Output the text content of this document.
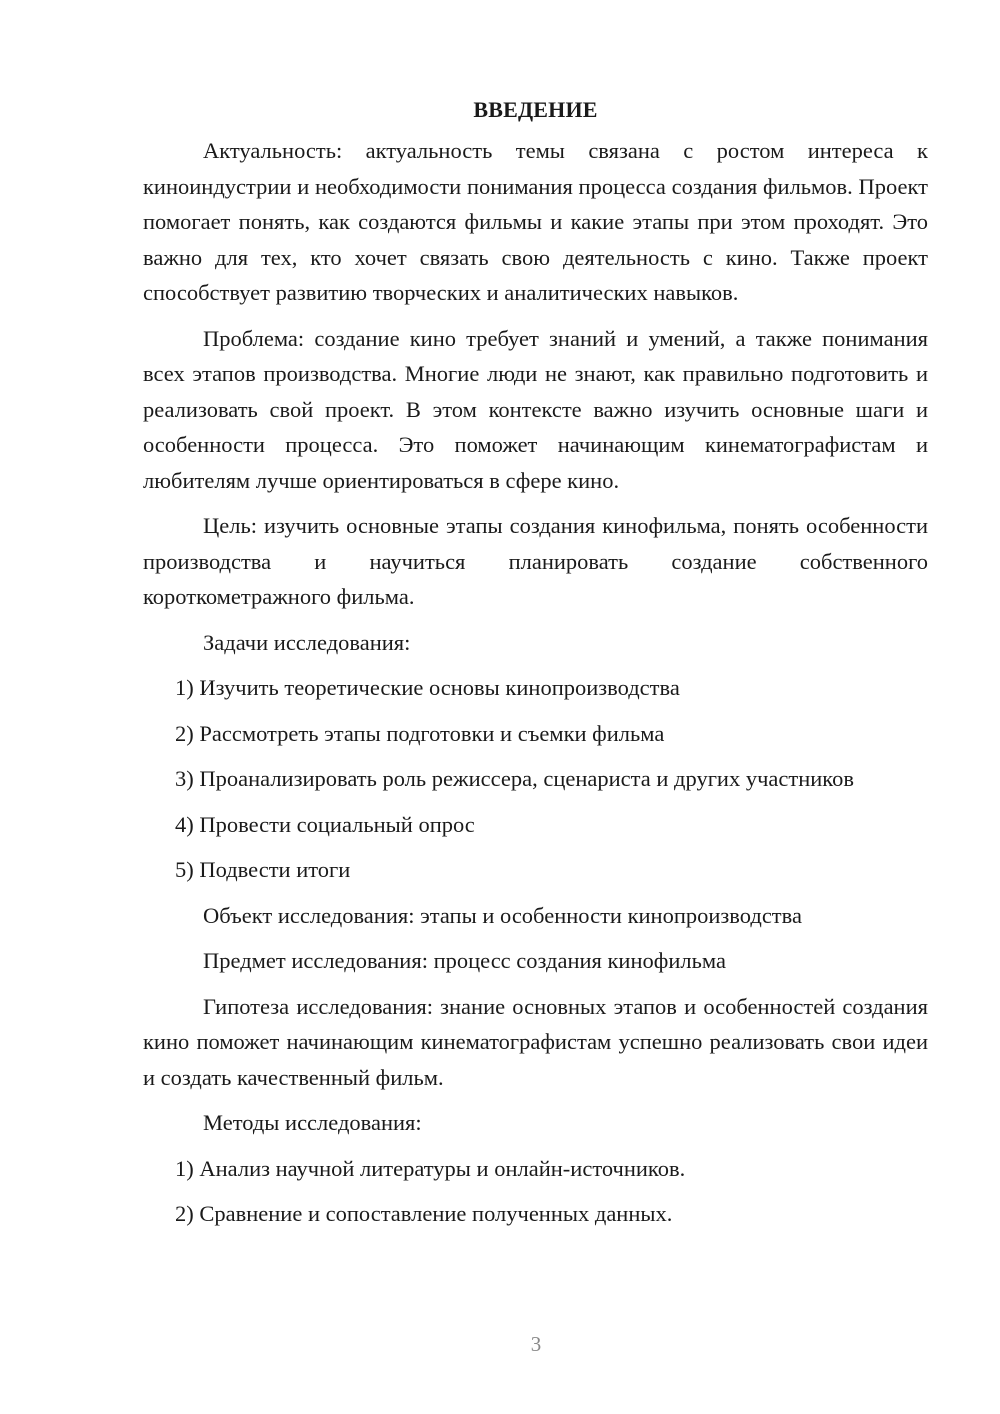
ВВЕДЕНИЕ

Актуальность: актуальность темы связана с ростом интереса к киноиндустрии и необходимости понимания процесса создания фильмов. Проект помогает понять, как создаются фильмы и какие этапы при этом проходят. Это важно для тех, кто хочет связать свою деятельность с кино. Также проект способствует развитию творческих и аналитических навыков.

Проблема: создание кино требует знаний и умений, а также понимания всех этапов производства. Многие люди не знают, как правильно подготовить и реализовать свой проект. В этом контексте важно изучить основные шаги и особенности процесса. Это поможет начинающим кинематографистам и любителям лучше ориентироваться в сфере кино.

Цель: изучить основные этапы создания кинофильма, понять особенности производства и научиться планировать создание собственного короткометражного фильма.

Задачи исследования:
1) Изучить теоретические основы кинопроизводства
2) Рассмотреть этапы подготовки и съемки фильма
3) Проанализировать роль режиссера, сценариста и других участников
4) Провести социальный опрос
5) Подвести итоги
Объект исследования: этапы и особенности кинопроизводства
Предмет исследования: процесс создания кинофильма

Гипотеза исследования: знание основных этапов и особенностей создания кино поможет начинающим кинематографистам успешно реализовать свои идеи и создать качественный фильм.

Методы исследования:
1) Анализ научной литературы и онлайн-источников.
2) Сравнение и сопоставление полученных данных.
3
